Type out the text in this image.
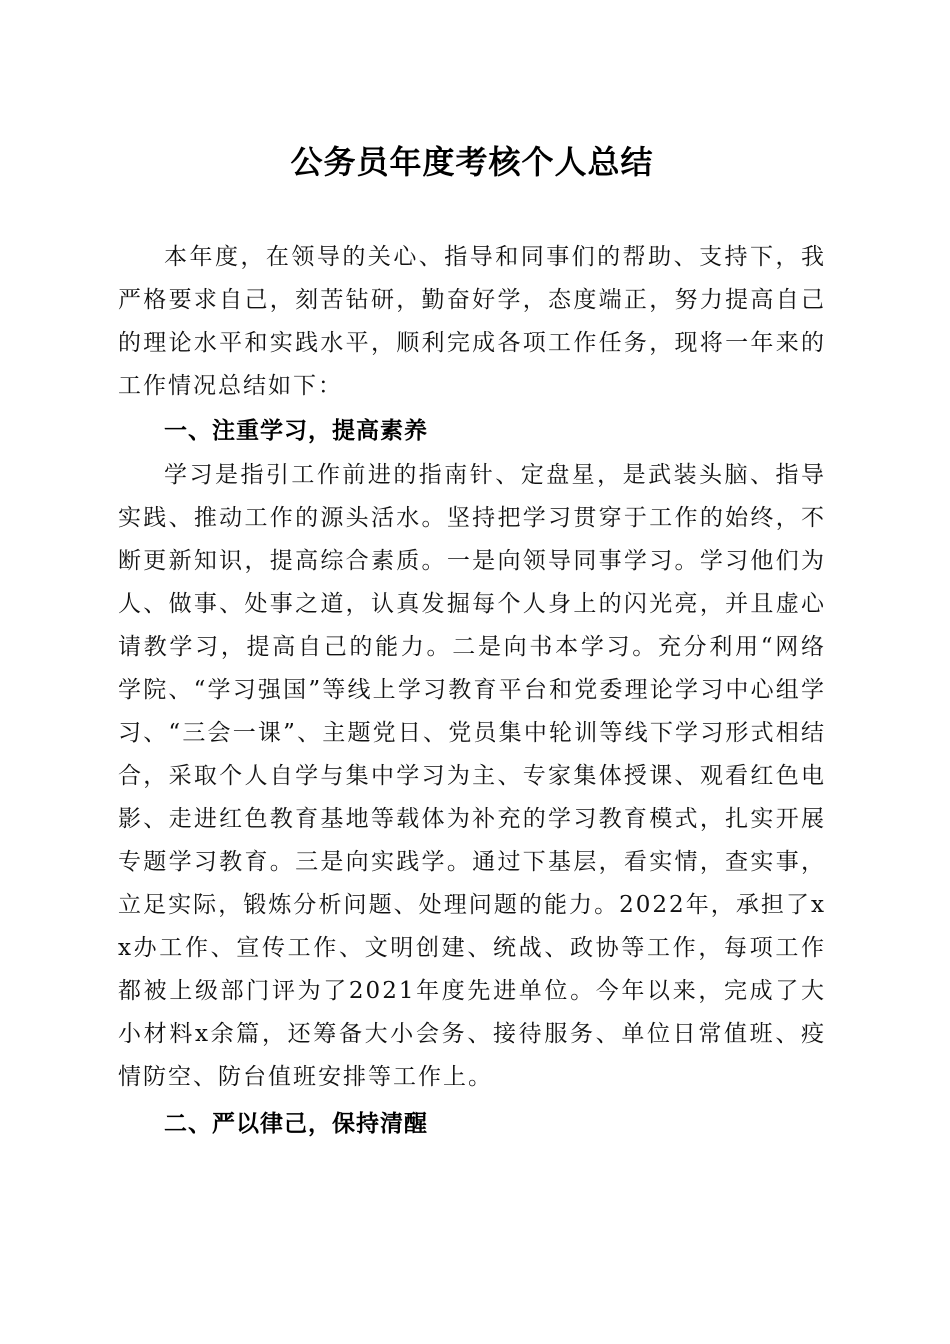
公务员年度考核个人总结

本年度，在领导的关心、指导和同事们的帮助、支持下，我严格要求自己，刻苦钻研，勤奋好学，态度端正，努力提高自己的理论水平和实践水平，顺利完成各项工作任务，现将一年来的工作情况总结如下：

一、注重学习，提高素养

学习是指引工作前进的指南针、定盘星，是武装头脑、指导实践、推动工作的源头活水。坚持把学习贯穿于工作的始终，不断更新知识，提高综合素质。一是向领导同事学习。学习他们为人、做事、处事之道，认真发掘每个人身上的闪光亮，并且虚心请教学习，提高自己的能力。二是向书本学习。充分利用“网络学院、“学习强国”等线上学习教育平台和党委理论学习中心组学习、“三会一课”、主题党日、党员集中轮训等线下学习形式相结合，采取个人自学与集中学习为主、专家集体授课、观看红色电影、走进红色教育基地等载体为补充的学习教育模式，扎实开展专题学习教育。三是向实践学。通过下基层，看实情，查实事，立足实际，锻炼分析问题、处理问题的能力。2022年，承担了xx办工作、宣传工作、文明创建、统战、政协等工作，每项工作都被上级部门评为了2021年度先进单位。今年以来，完成了大小材料x余篇，还筹备大小会务、接待服务、单位日常值班、疫情防空、防台值班安排等工作上。

二、严以律己，保持清醒
